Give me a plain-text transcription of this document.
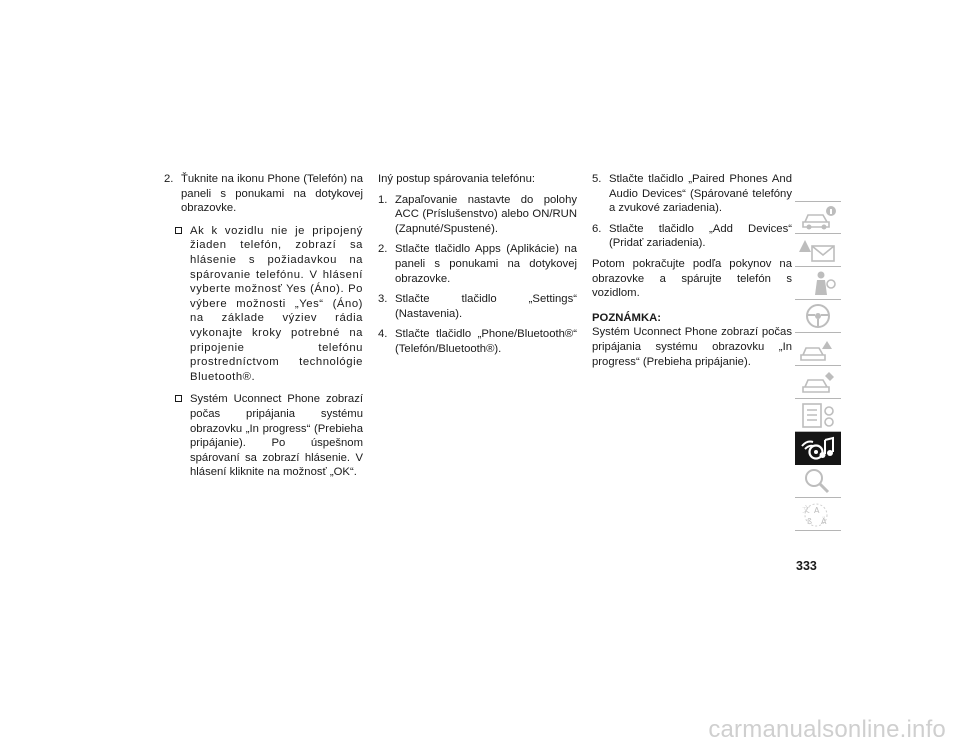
2. Ťuknite na ikonu Phone (Telefón) na paneli s ponukami na dotykovej obrazovke.
Ak k vozidlu nie je pripojený žiaden telefón, zobrazí sa hlásenie s požiadavkou na spárovanie telefónu. V hlásení vyberte možnosť Yes (Áno). Po výbere možnosti „Yes“ (Áno) na základe výziev rádia vykonajte kroky potrebné na pripojenie telefónu prostredníctvom technológie Bluetooth®.
Systém Uconnect Phone zobrazí počas pripájania systému obrazovku „In progress“ (Prebieha pripájanie). Po úspešnom spárovaní sa zobrazí hlásenie. V hlásení kliknite na možnosť „OK“.

Iný postup spárovania telefónu:

1. Zapaľovanie nastavte do polohy ACC (Príslušenstvo) alebo ON/RUN (Zapnuté/Spustené).
2. Stlačte tlačidlo Apps (Aplikácie) na paneli s ponukami na dotykovej obrazovke.
3. Stlačte tlačidlo „Settings“ (Nastavenia).
4. Stlačte tlačidlo „Phone/Bluetooth®“ (Telefón/Bluetooth®).
5. Stlačte tlačidlo „Paired Phones And Audio Devices“ (Spárované telefóny a zvukové zariadenia).
6. Stlačte tlačidlo „Add Devices“ (Pridať zariadenia).

Potom pokračujte podľa pokynov na obrazovke a spárujte telefón s vozidlom.

POZNÁMKA:
Systém Uconnect Phone zobrazí počas pripájania systému obrazovku „In progress“ (Prebieha pripájanie).
文 A
ß Ä
333
carmanualsonline.info
